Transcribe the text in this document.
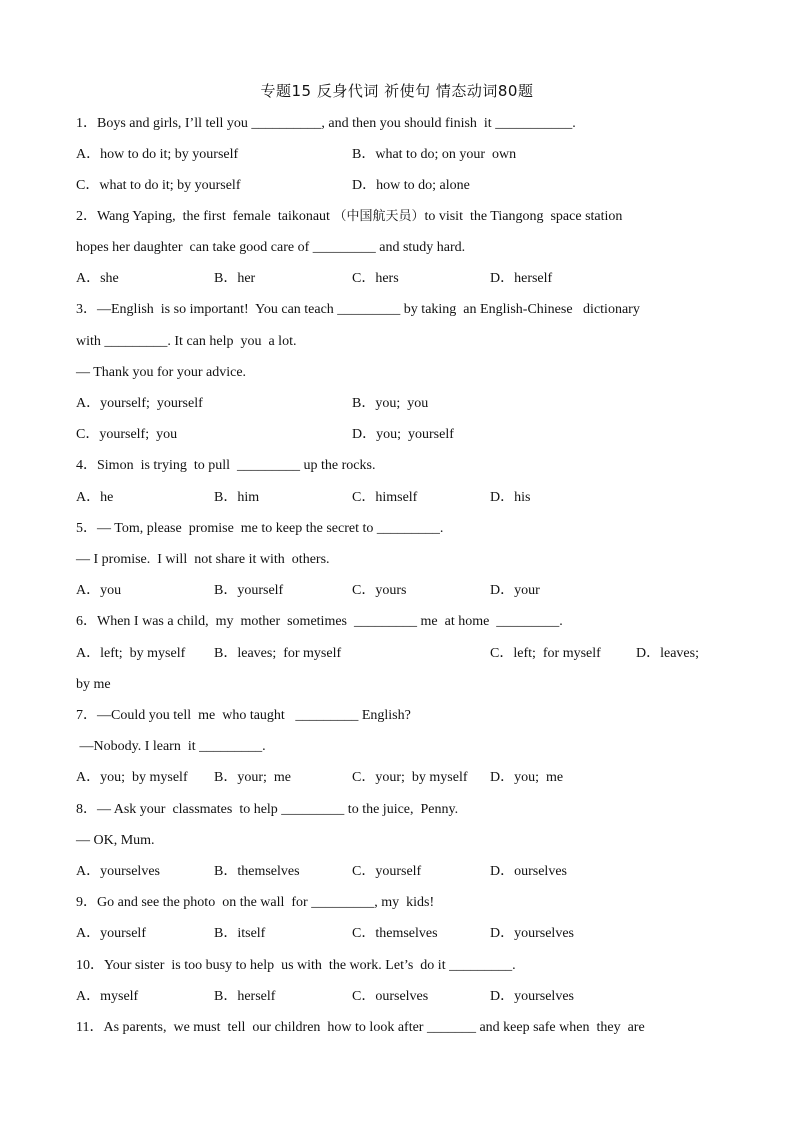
专题15 反身代词 祈使句 情态动词80题
1．Boys and girls, I’ll tell you __________, and then you should finish  it ___________.
A．how to do it; by yourself	B．what to do; on your  own
C．what to do it; by yourself	D．how to do; alone
2．Wang Yaping,  the first  female  taikonaut （中国航天员）to visit  the Tiangong  space station
hopes her daughter  can take good care of _________ and study hard.
A．she	B．her	C．hers	D．herself
3．—English  is so important!  You can teach _________ by taking  an English-Chinese   dictionary
with _________. It can help  you  a lot.
— Thank you for your advice.
A．yourself;  yourself	B．you;  you
C．yourself;  you	D．you;  yourself
4．Simon  is trying  to pull  _________ up the rocks.
A．he	B．him	C．himself	D．his
5．— Tom, please  promise  me to keep the secret to _________.
— I promise.  I will  not share it with  others.
A．you	B．yourself	C．yours	D．your
6．When I was a child,  my  mother  sometimes  _________ me  at home  _________.
A．left;  by myself B．leaves;  for myself	C．left;  for myself	D．leaves;
by me
7．—Could you tell  me  who taught   _________ English?
—Nobody. I learn  it _________.
A．you;  by myself B．your;  me	C．your;  by myself D．you;  me
8．— Ask your  classmates  to help _________ to the juice,  Penny.
— OK, Mum.
A．yourselves	B．themselves	C．yourself	D．ourselves
9．Go and see the photo  on the wall  for _________, my  kids!
A．yourself	B．itself	C．themselves	D．yourselves
10．Your sister  is too busy to help  us with  the work. Let’s  do it _________.
A．myself	B．herself	C．ourselves	D．yourselves
11．As parents,  we must  tell  our children  how to look after _______ and keep safe when  they  are
